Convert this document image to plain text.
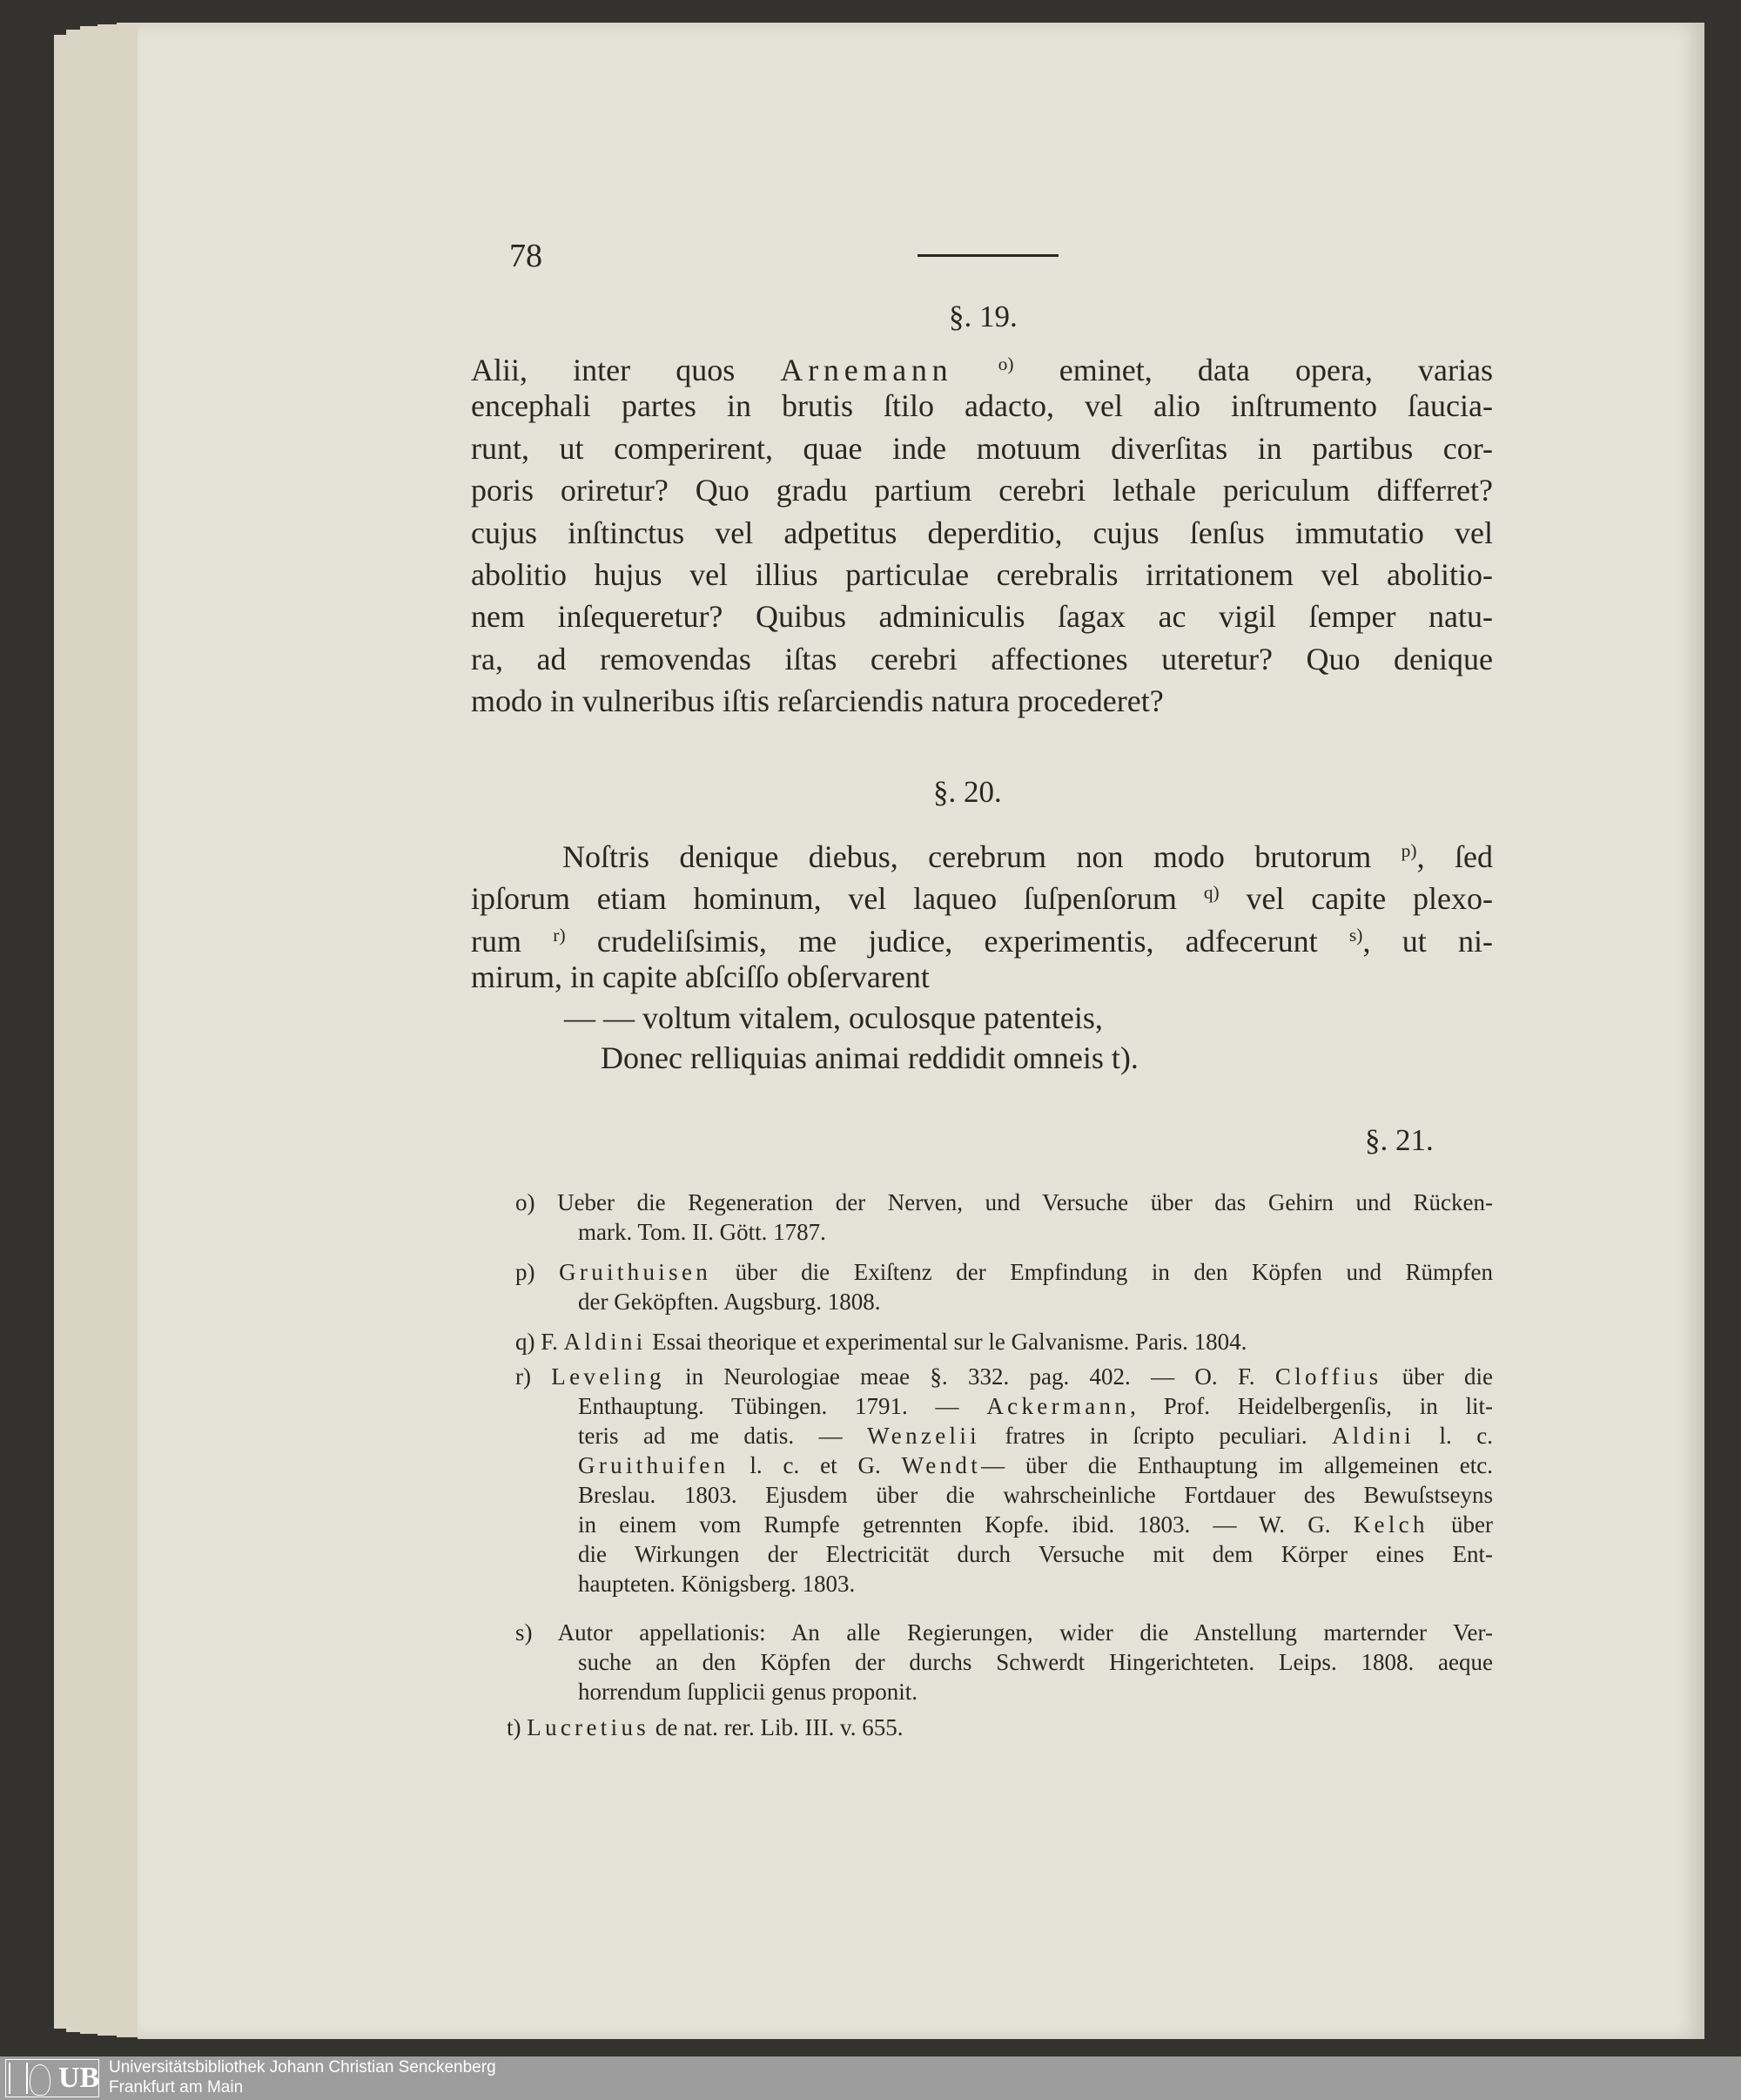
78
§. 19.
Alii, inter quos Arnemann $^{o)}$ eminet, data opera, varias
encephali partes in brutis ſtilo adacto, vel alio inſtrumento ſaucia-
runt, ut comperirent, quae inde motuum diverſitas in partibus cor-
poris oriretur? Quo gradu partium cerebri lethale periculum differret?
cujus inſtinctus vel adpetitus deperditio, cujus ſenſus immutatio vel
abolitio hujus vel illius particulae cerebralis irritationem vel abolitio-
nem inſequeretur? Quibus adminiculis ſagax ac vigil ſemper natu-
ra, ad removendas iſtas cerebri affectiones uteretur? Quo denique
modo in vulneribus iſtis reſarciendis natura procederet?
§. 20.
Noſtris denique diebus, cerebrum non modo brutorum $^{p)}$, ſed
ipſorum etiam hominum, vel laqueo ſuſpenſorum $^{q)}$ vel capite plexo-
rum $^{r)}$ crudeliſsimis, me judice, experimentis, adfecerunt $^{s)}$, ut ni-
mirum, in capite abſciſſo obſervarent
— — voltum vitalem, oculosque patenteis,
Donec relliquias animai reddidit omneis t).
§. 21.
o) Ueber die Regeneration der Nerven, und Versuche über das Gehirn und Rücken-
mark. Tom. II. Gött. 1787.
p) Gruithuisen über die Exiſtenz der Empfindung in den Köpfen und Rümpfen
der Geköpften. Augsburg. 1808.
q) F. Aldini Essai theorique et experimental sur le Galvanisme. Paris. 1804.
r) Leveling in Neurologiae meae §. 332. pag. 402. — O. F. Cloffius über die
Enthauptung. Tübingen. 1791. — Ackermann, Prof. Heidelbergenſis, in lit-
teris ad me datis. — Wenzelii fratres in ſcripto peculiari. Aldini l. c.
Gruithuifen l. c. et G. Wendt— über die Enthauptung im allgemeinen etc.
Breslau. 1803. Ejusdem über die wahrscheinliche Fortdauer des Bewuſstseyns
in einem vom Rumpfe getrennten Kopfe. ibid. 1803. — W. G. Kelch über
die Wirkungen der Electricität durch Versuche mit dem Körper eines Ent-
haupteten. Königsberg. 1803.
s) Autor appellationis: An alle Regierungen, wider die Anstellung marternder Ver-
suche an den Köpfen der durchs Schwerdt Hingerichteten. Leips. 1808. aeque
horrendum ſupplicii genus proponit.
t) Lucretius de nat. rer. Lib. III. v. 655.
UB Universitätsbibliothek Johann Christian Senckenberg
Frankfurt am Main
